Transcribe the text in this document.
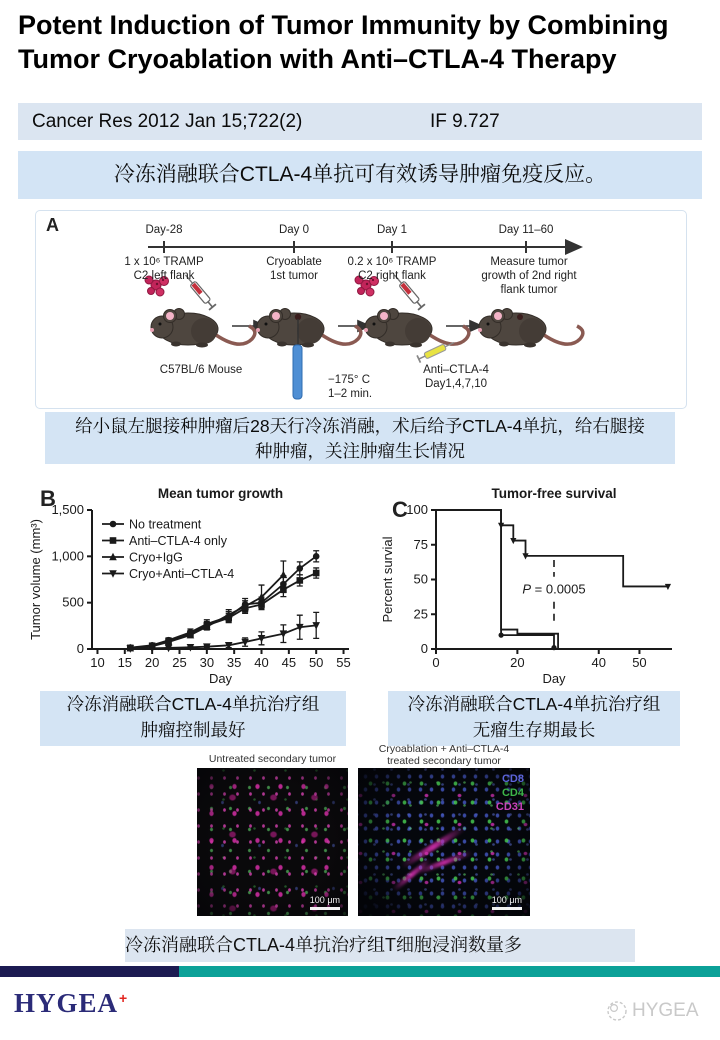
Potent Induction of Tumor Immunity by Combining
Tumor Cryoablation with Anti–CTLA-4 Therapy
Cancer Res 2012 Jan 15;722(2)	IF 9.727
冷冻消融联合CTLA-4单抗可有效诱导肿瘤免疫反应。
A	Day-28	Day 0	Day 1	Day 11–60
1 x 10⁶ TRAMP
C2 left flank
Cryoablate
1st tumor
0.2 x 10⁶ TRAMP
C2 right flank
Measure tumor
growth of 2nd right
flank tumor
C57BL/6 Mouse
−175° C
1–2 min.
Anti–CTLA-4
Day1,4,7,10
给小鼠左腿接种肿瘤后28天行冷冻消融，术后给予CTLA-4单抗，给右腿接
种肿瘤，关注肿瘤生长情况
B
10 15 20 25 30 35 40 45 50 55
0
500
1,000
1,500
Day
Tumor volume (mm³)
Mean tumor growth
No treatment
Anti–CTLA-4 only
Cryo+IgG
Cryo+Anti–CTLA-4
C
0	20	40 50
0
25
50
75
100
Day
Percent survial
Tumor-free survival
P = 0.0005
冷冻消融联合CTLA-4单抗治疗组
肿瘤控制最好
冷冻消融联合CTLA-4单抗治疗组
无瘤生存期最长
Untreated secondary tumor
Cryoablation + Anti–CTLA-4
treated secondary tumor
100 μm
CD8
CD4
CD31
100 μm
冷冻消融联合CTLA-4单抗治疗组T细胞浸润数量多
HYGEA+
HYGEA
